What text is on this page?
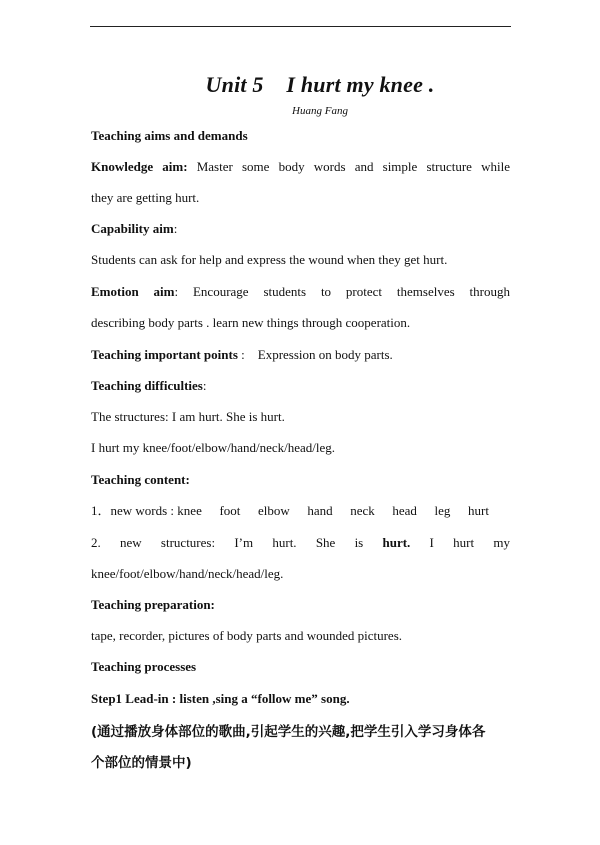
Unit 5    I hurt my knee .
Huang Fang
Teaching aims and demands
Knowledge aim: Master some body words and simple structure while
they are getting hurt.
Capability aim:
Students can ask for help and express the wound when they get hurt.
Emotion aim: Encourage students to protect themselves through
describing body parts . learn new things through cooperation.
Teaching important points :    Expression on body parts.
Teaching difficulties:
The structures: I am hurt. She is hurt.
I hurt my knee/foot/elbow/hand/neck/head/leg.
Teaching content:
1．new words : knee foot elbow hand neck head leg hurt
2. new structures: I’m hurt. She is hurt. I hurt my
knee/foot/elbow/hand/neck/head/leg.
Teaching preparation:
tape, recorder, pictures of body parts and wounded pictures.
Teaching processes
Step1 Lead-in : listen ,sing a “follow me” song.
(通过播放身体部位的歌曲,引起学生的兴趣,把学生引入学习身体各
个部位的情景中)
